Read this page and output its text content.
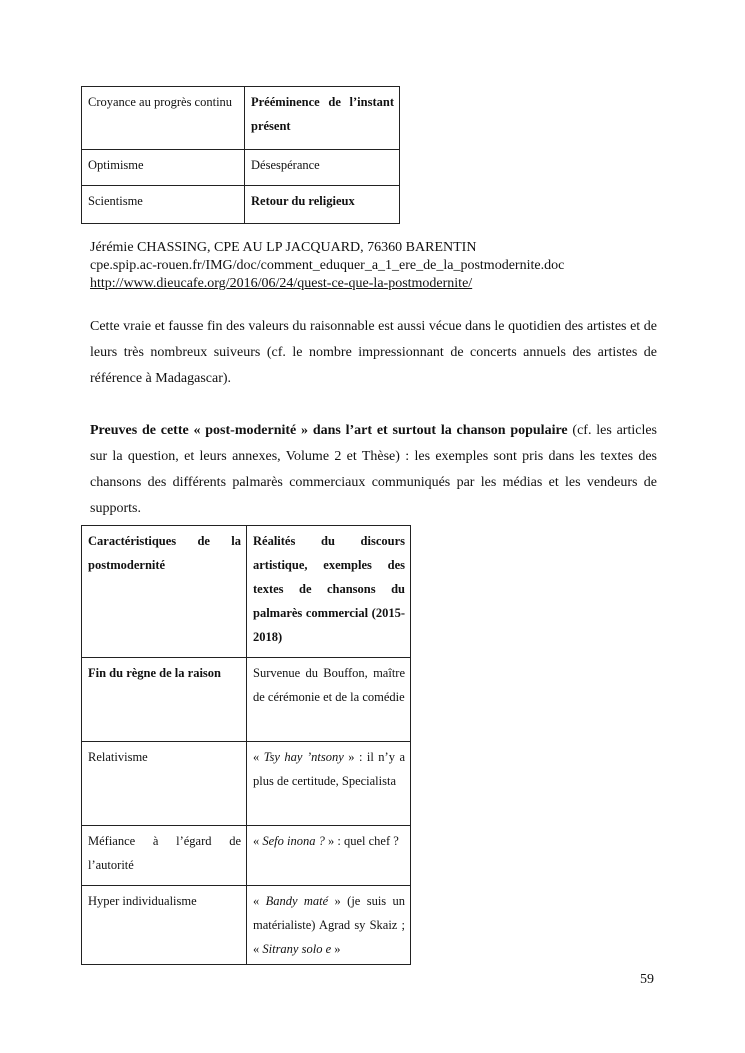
Croyance au progrès continu	Prééminence de l’instant présent
Optimisme	Désespérance
Scientisme	Retour du religieux
Jérémie CHASSING, CPE AU LP JACQUARD, 76360 BARENTIN
cpe.spip.ac-rouen.fr/IMG/doc/comment_eduquer_a_1_ere_de_la_postmodernite.doc
http://www.dieucafe.org/2016/06/24/quest-ce-que-la-postmodernite/

Cette vraie et fausse fin des valeurs du raisonnable est aussi vécue dans le quotidien des artistes et de leurs très nombreux suiveurs (cf. le nombre impressionnant de concerts annuels des artistes de référence à Madagascar).

Preuves de cette « post-modernité » dans l’art et surtout la chanson populaire (cf. les articles sur la question, et leurs annexes, Volume 2 et Thèse) : les exemples sont pris dans les textes des chansons des différents palmarès commerciaux communiqués par les médias et les vendeurs de supports.

Caractéristiques de la postmodernité	Réalités du discours artistique, exemples des textes de chansons du palmarès commercial (2015-2018)
Fin du règne de la raison	Survenue du Bouffon, maître de cérémonie et de la comédie
Relativisme	« Tsy hay ’ntsony » : il n’y a plus de certitude, Specialista
Méfiance à l’égard de l’autorité	« Sefo inona ? » : quel chef ?
Hyper individualisme	« Bandy maté » (je suis un matérialiste) Agrad sy Skaiz ; « Sitrany solo e »
59
